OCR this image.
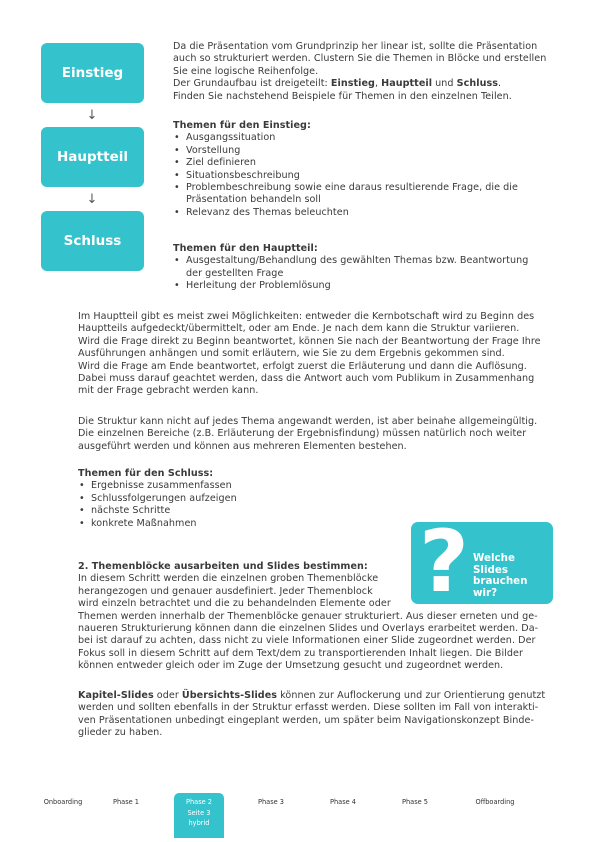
Einstieg
↓
Hauptteil
↓
Schluss

Da die Präsentation vom Grundprinzip her linear ist, sollte die Präsentation

auch so strukturiert werden. Clustern Sie die Themen in Blöcke und erstellen

Sie eine logische Reihenfolge.

Der Grundaufbau ist dreigeteilt: Einstieg, Hauptteil und Schluss.

Finden Sie nachstehend Beispiele für Themen in den einzelnen Teilen.

Themen für den Einstieg:

• Ausgangssituation
• Vorstellung
• Ziel definieren
• Situationsbeschreibung
• Problembeschreibung sowie eine daraus resultierende Frage, die die
Präsentation behandeln soll
• Relevanz des Themas beleuchten

Themen für den Hauptteil:

• Ausgestaltung/Behandlung des gewählten Themas bzw. Beantwortung
der gestellten Frage
• Herleitung der Problemlösung

Im Hauptteil gibt es meist zwei Möglichkeiten: entweder die Kernbotschaft wird zu Beginn des

Hauptteils aufgedeckt/übermittelt, oder am Ende. Je nach dem kann die Struktur variieren.

Wird die Frage direkt zu Beginn beantwortet, können Sie nach der Beantwortung der Frage Ihre

Ausführungen anhängen und somit erläutern, wie Sie zu dem Ergebnis gekommen sind.

Wird die Frage am Ende beantwortet, erfolgt zuerst die Erläuterung und dann die Auflösung.

Dabei muss darauf geachtet werden, dass die Antwort auch vom Publikum in Zusammenhang

mit der Frage gebracht werden kann.

Die Struktur kann nicht auf jedes Thema angewandt werden, ist aber beinahe allgemeingültig.

Die einzelnen Bereiche (z.B. Erläuterung der Ergebnisfindung) müssen natürlich noch weiter

ausgeführt werden und können aus mehreren Elementen bestehen.

Themen für den Schluss:

• Ergebnisse zusammenfassen
• Schlussfolgerungen aufzeigen
• nächste Schritte
• konkrete Maßnahmen	? Welche

Slides

brauchen

wir?

2. Themenblöcke ausarbeiten und Slides bestimmen:

In diesem Schritt werden die einzelnen groben Themenblöcke

herangezogen und genauer ausdefiniert. Jeder Themenblock

wird einzeln betrachtet und die zu behandelnden Elemente oder

Themen werden innerhalb der Themenblöcke genauer strukturiert. Aus dieser erneten und ge-

naueren Strukturierung können dann die einzelnen Slides und Overlays erarbeitet werden. Da-

bei ist darauf zu achten, dass nicht zu viele Informationen einer Slide zugeordnet werden. Der

Fokus soll in diesem Schritt auf dem Text/dem zu transportierenden Inhalt liegen. Die Bilder

können entweder gleich oder im Zuge der Umsetzung gesucht und zugeordnet werden.

Kapitel-Slides oder Übersichts-Slides können zur Auflockerung und zur Orientierung genutzt

werden und sollten ebenfalls in der Struktur erfasst werden. Diese sollten im Fall von interakti-

ven Präsentationen unbedingt eingeplant werden, um später beim Navigationskonzept Binde-

glieder zu haben.

Onboarding	Phase 1	Phase 2
Seite 3
hybrid
Phase 3	Phase 4	Phase 5	Offboarding
